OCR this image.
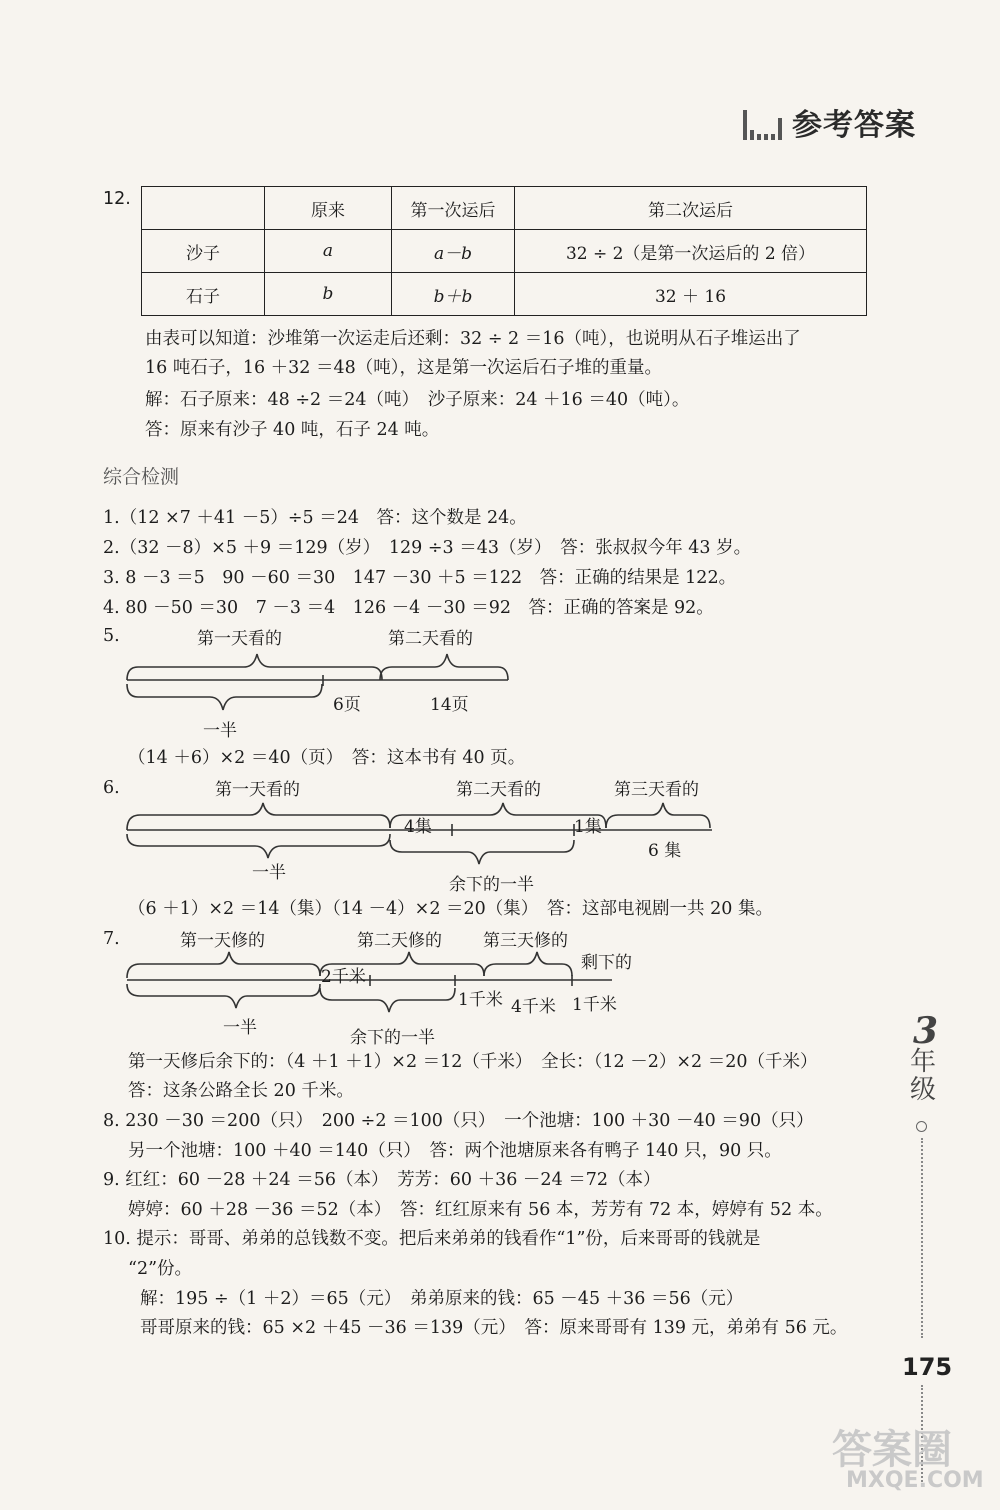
参考答案
12.
	原来	第一次运后	第二次运后
沙子	a	a－b	32 ÷ 2（是第一次运后的 2 倍）
石子	b	b＋b	32 ＋ 16
由表可以知道：沙堆第一次运走后还剩：32 ÷ 2 ＝16（吨），也说明从石子堆运出了
16 吨石子，16 ＋32 ＝48（吨），这是第一次运后石子堆的重量。
解：石子原来：48 ÷2 ＝24（吨）　沙子原来：24 ＋16 ＝40（吨）。
答：原来有沙子 40 吨，石子 24 吨。
综合检测
1.（12 ×7 ＋41 －5）÷5 ＝24　答：这个数是 24。
2.（32 －8）×5 ＋9 ＝129（岁）　129 ÷3 ＝43（岁）　答：张叔叔今年 43 岁。
3. 8 －3 ＝5　90 －60 ＝30　147 －30 ＋5 ＝122　答：正确的结果是 122。
4. 80 －50 ＝30　7 －3 ＝4　126 －4 －30 ＝92　答：正确的答案是 92。
5.	第一天看的	第二天看的
6页	14页
一半
（14 ＋6）×2 ＝40（页）　答：这本书有 40 页。
6.	第一天看的	第二天看的	第三天看的
4集	1集
6 集
一半
余下的一半
（6 ＋1）×2 ＝14（集）（14 －4）×2 ＝20（集）　答：这部电视剧一共 20 集。
7.	第一天修的	第二天修的 第三天修的
剩下的
2千米
1千米 4千米 1千米
一半	余下的一半
第一天修后余下的：（4 ＋1 ＋1）×2 ＝12（千米）　全长：（12 －2）×2 ＝20（千米）
答：这条公路全长 20 千米。
8. 230 －30 ＝200（只）　200 ÷2 ＝100（只）　一个池塘：100 ＋30 －40 ＝90（只）
另一个池塘：100 ＋40 ＝140（只）　答：两个池塘原来各有鸭子 140 只，90 只。
9. 红红：60 －28 ＋24 ＝56（本）　芳芳：60 ＋36 －24 ＝72（本）
婷婷：60 ＋28 －36 ＝52（本）　答：红红原来有 56 本，芳芳有 72 本，婷婷有 52 本。
10. 提示：哥哥、弟弟的总钱数不变。把后来弟弟的钱看作“1”份，后来哥哥的钱就是
“2”份。
解：195 ÷（1 ＋2）＝65（元）　弟弟原来的钱：65 －45 ＋36 ＝56（元）
哥哥原来的钱：65 ×2 ＋45 －36 ＝139（元）　答：原来哥哥有 139 元，弟弟有 56 元。
3
年
级
175
答案圈
MXQE.COM
